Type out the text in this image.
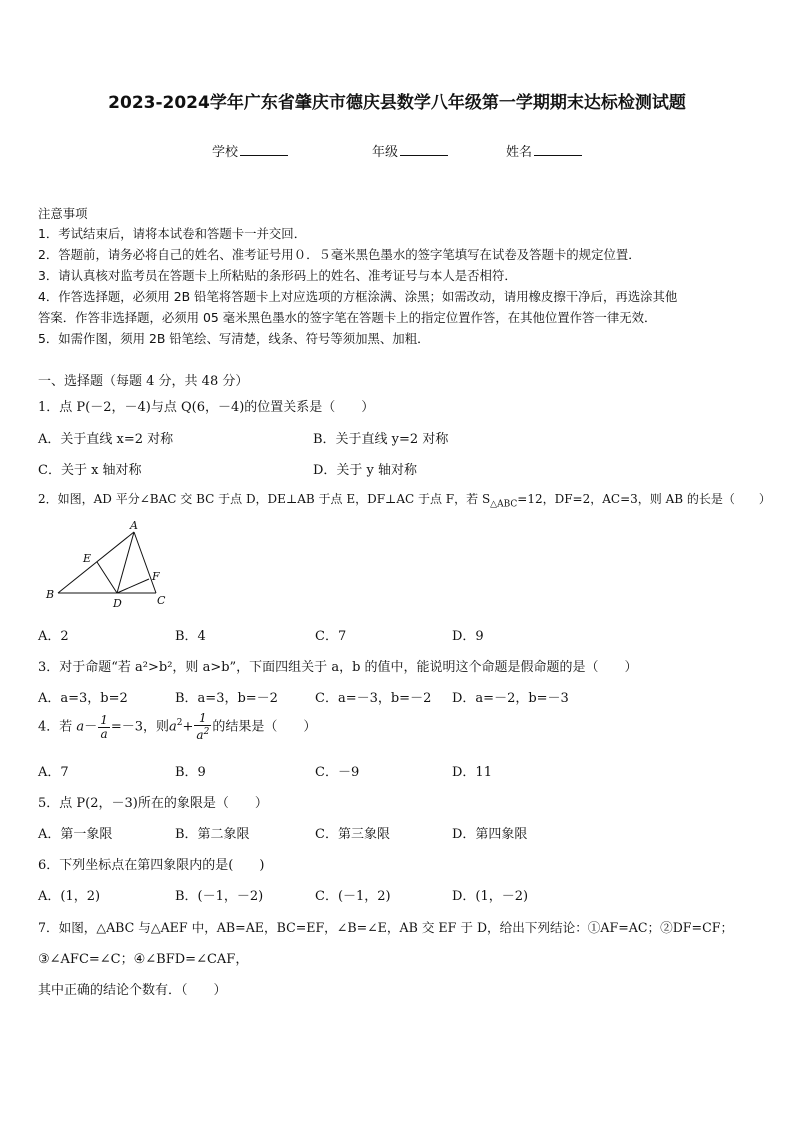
2023-2024学年广东省肇庆市德庆县数学八年级第一学期期末达标检测试题
学校	年级	姓名
注意事项
1．考试结束后，请将本试卷和答题卡一并交回．
2．答题前，请务必将自己的姓名、准考证号用０．５毫米黑色墨水的签字笔填写在试卷及答题卡的规定位置．
3．请认真核对监考员在答题卡上所粘贴的条形码上的姓名、准考证号与本人是否相符．
4．作答选择题，必须用 2B 铅笔将答题卡上对应选项的方框涂满、涂黑；如需改动，请用橡皮擦干净后，再选涂其他
答案．作答非选择题，必须用 05 毫米黑色墨水的签字笔在答题卡上的指定位置作答，在其他位置作答一律无效．
5．如需作图，须用 2B 铅笔绘、写清楚，线条、符号等须加黑、加粗．
一、选择题（每题 4 分，共 48 分）
1．点 P(－2，－4)与点 Q(6，－4)的位置关系是（　　）
A．关于直线 x=2 对称	B．关于直线 y=2 对称
C．关于 x 轴对称	D．关于 y 轴对称
2．如图，AD 平分∠BAC 交 BC 于点 D，DE⊥AB 于点 E，DF⊥AC 于点 F，若 $S_{\triangle ABC}=12$，DF=2，AC=3，则 AB 的长是（　　）
A
B	C
D
E
F
A．2	B．4	C．7	D．9
3．对于命题“若 a²>b²，则 a>b”，下面四组关于 a，b 的值中，能说明这个命题是假命题的是（　　）
A．a=3，b=2	B．a=3，b=－2	C．a=－3，b=－2 D．a=－2，b=－3
4．若 $a- \frac{1}{a} =-3$，则$a^2+ \frac{1}{a^2}$ 的结果是（　　）
A．7	B．9	C．－9	D．11
5．点 P(2，－3)所在的象限是（　　）
A．第一象限	B．第二象限	C．第三象限	D．第四象限
6．下列坐标点在第四象限内的是(　　)
A．(1，2)	B．(－1，－2)	C．(－1，2)	D．(1，－2)
7．如图，△ABC 与△AEF 中，AB=AE，BC=EF，∠B=∠E，AB 交 EF 于 D，给出下列结论：①AF=AC；②DF=CF；
③∠AFC=∠C；④∠BFD=∠CAF，
其中正确的结论个数有．（　　）
